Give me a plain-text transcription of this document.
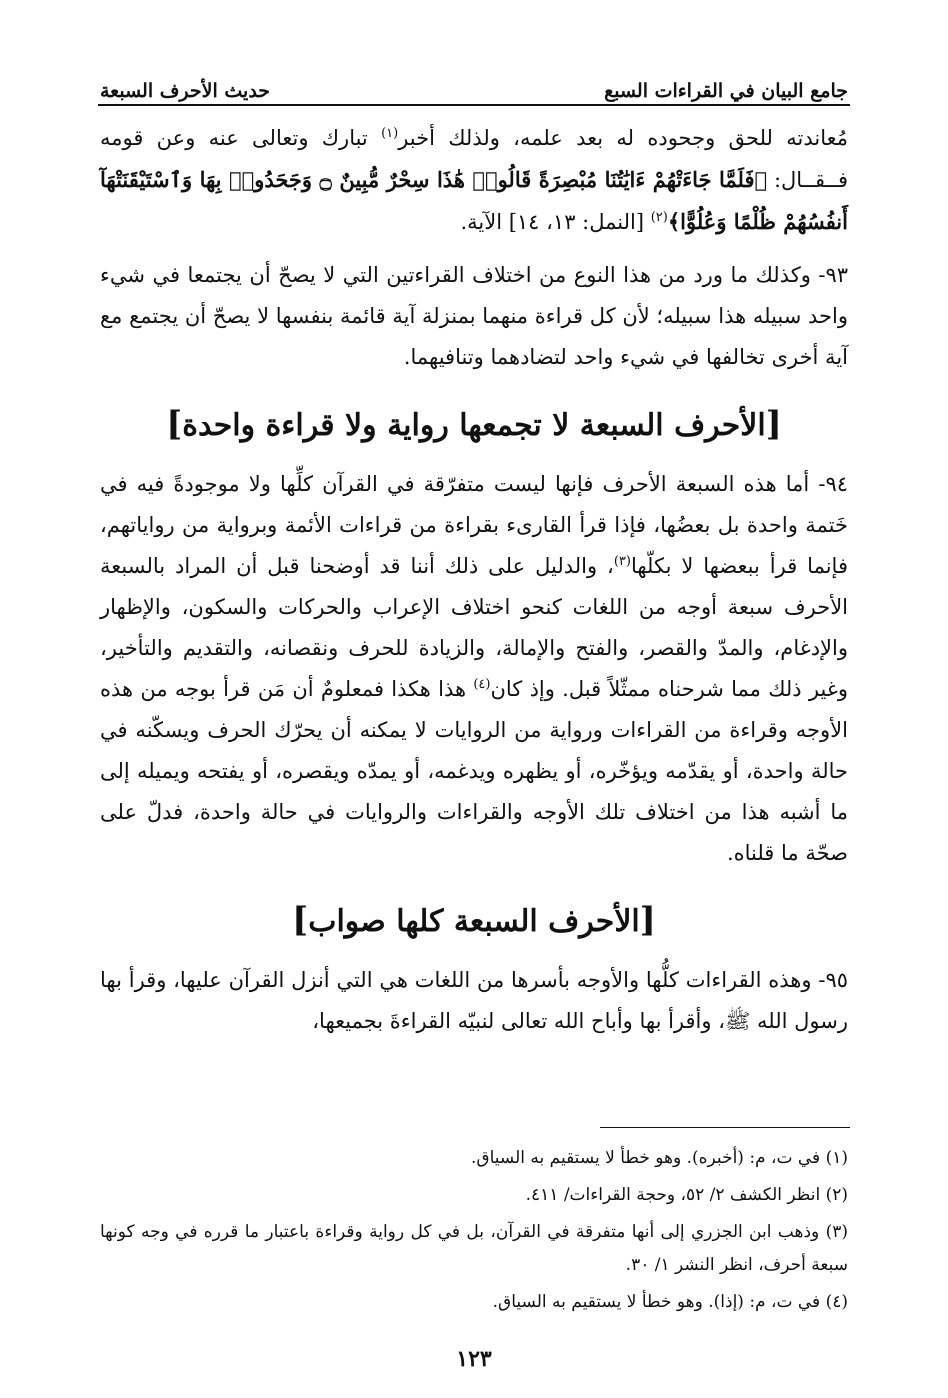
جامع البيان في القراءات السبع
حديث الأحرف السبعة

مُعاندته للحق وجحوده له بعد علمه، ولذلك أخبر$^{(١)}$ تبارك وتعالى عنه وعن قومه فــقــال: ﴿فَلَمَّا جَاءَتْهُمْ ءَايَٰتُنَا مُبْصِرَةً قَالُوا۟ هَٰذَا سِحْرٌ مُّبِينٌ ۝ وَجَحَدُوا۟ بِهَا وَٱسْتَيْقَنَتْهَآ أَنفُسُهُمْ ظُلْمًا وَعُلُوًّا﴾$^{(٢)}$ [النمل: ١٣، ١٤] الآية.

٩٣- وكذلك ما ورد من هذا النوع من اختلاف القراءتين التي لا يصحّ أن يجتمعا في شيء واحد سبيله هذا سبيله؛ لأن كل قراءة منهما بمنزلة آية قائمة بنفسها لا يصحّ أن يجتمع مع آية أخرى تخالفها في شيء واحد لتضادهما وتنافيهما.

[الأحرف السبعة لا تجمعها رواية ولا قراءة واحدة]

٩٤- أما هذه السبعة الأحرف فإنها ليست متفرّقة في القرآن كلِّها ولا موجودةً فيه في خَتمة واحدة بل بعضُها، فإذا قرأ القارىء بقراءة من قراءات الأئمة وبرواية من رواياتهم، فإنما قرأ ببعضها لا بكلّها$^{(٣)}$، والدليل على ذلك أننا قد أوضحنا قبل أن المراد بالسبعة الأحرف سبعة أوجه من اللغات كنحو اختلاف الإعراب والحركات والسكون، والإظهار والإدغام، والمدّ والقصر، والفتح والإمالة، والزيادة للحرف ونقصانه، والتقديم والتأخير، وغير ذلك مما شرحناه ممثّلاً قبل. وإذ كان$^{(٤)}$ هذا هكذا فمعلومٌ أن مَن قرأ بوجه من هذه الأوجه وقراءة من القراءات ورواية من الروايات لا يمكنه أن يحرّك الحرف ويسكّنه في حالة واحدة، أو يقدّمه ويؤخّره، أو يظهره ويدغمه، أو يمدّه ويقصره، أو يفتحه ويميله إلى ما أشبه هذا من اختلاف تلك الأوجه والقراءات والروايات في حالة واحدة، فدلّ على صحّة ما قلناه.

[الأحرف السبعة كلها صواب]

٩٥- وهذه القراءات كلُّها والأوجه بأسرها من اللغات هي التي أنزل القرآن عليها، وقرأ بها رسول الله ﷺ، وأقرأ بها وأباح الله تعالى لنبيّه القراءةَ بجميعها،

(١) في ت، م: (أخبره). وهو خطأ لا يستقيم به السياق.

(٢) انظر الكشف ٢/ ٥٢، وحجة القراءات/ ٤١١.

(٣) وذهب ابن الجزري إلى أنها متفرقة في القرآن، بل في كل رواية وقراءة باعتبار ما قرره في وجه كونها سبعة أحرف، انظر النشر ١/ ٣٠.

(٤) في ت، م: (إذا). وهو خطأ لا يستقيم به السياق.

١٢٣
